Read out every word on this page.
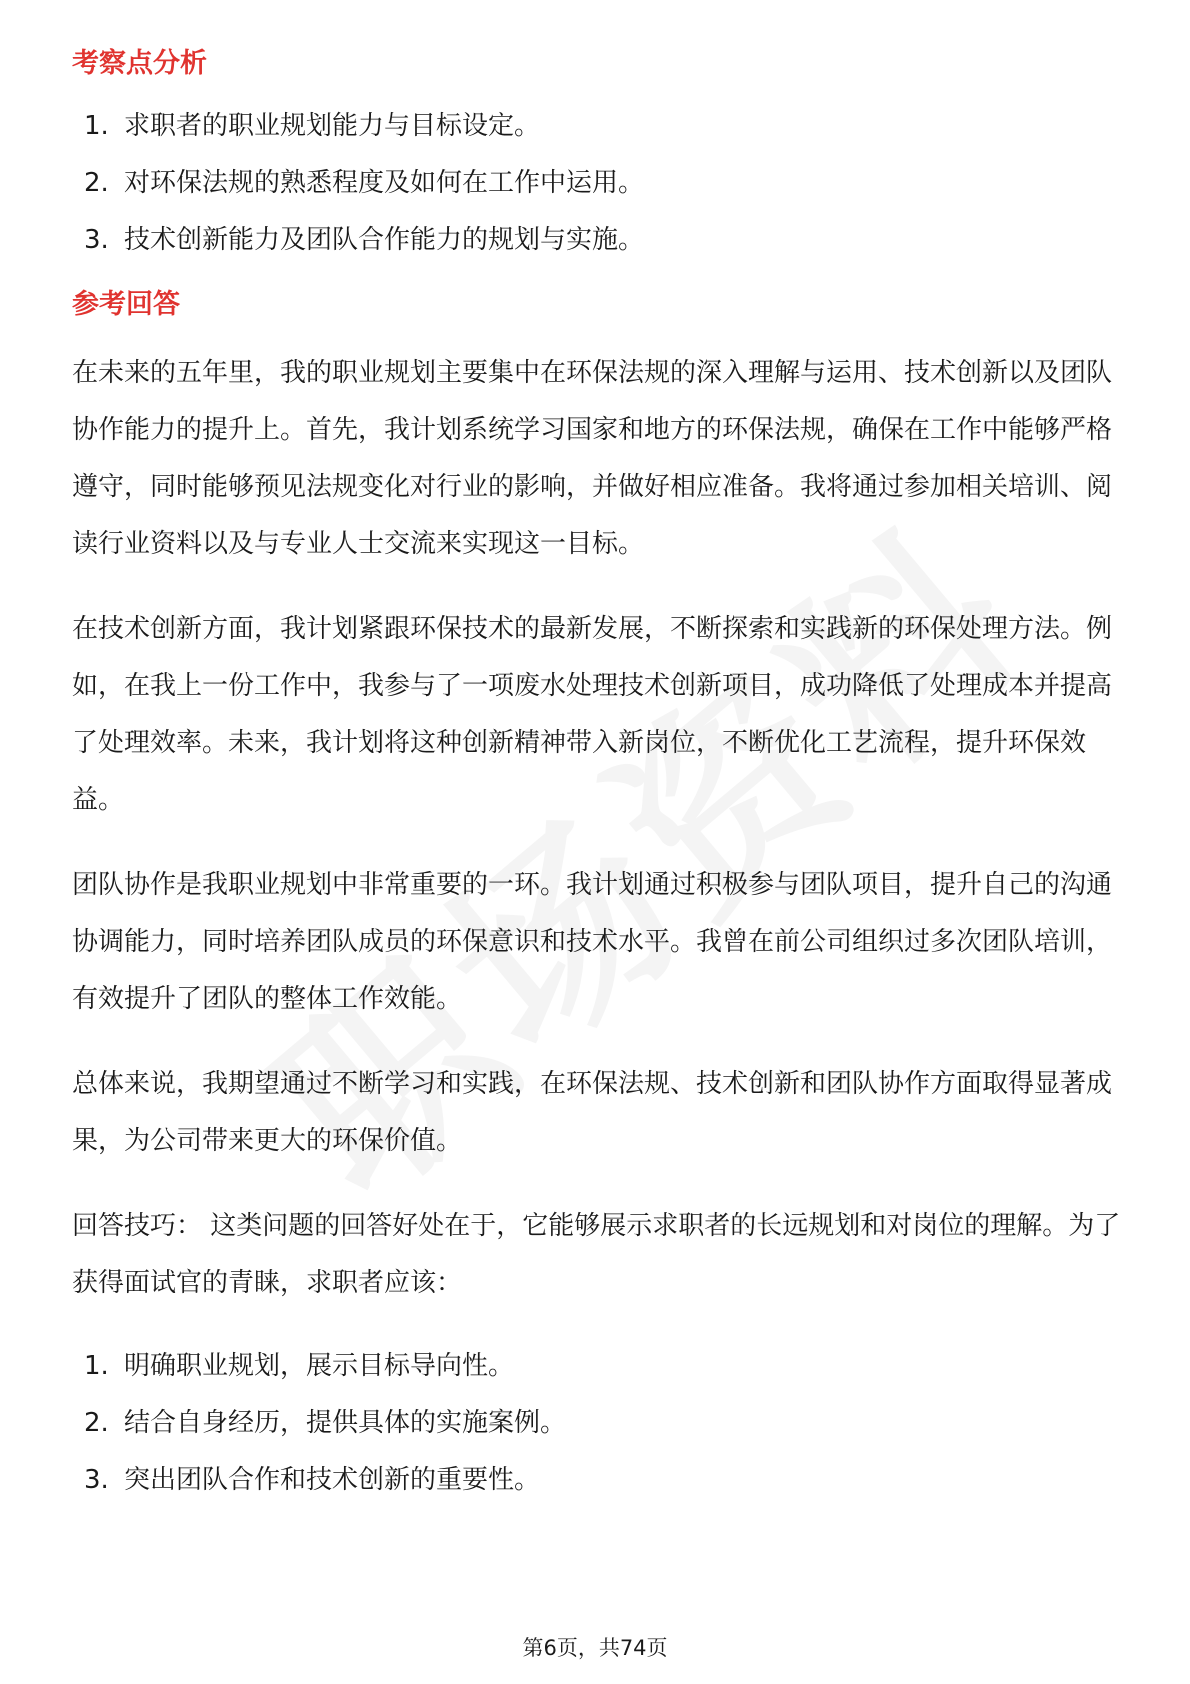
考察点分析
1. 求职者的职业规划能力与目标设定。
2. 对环保法规的熟悉程度及如何在工作中运用。
3. 技术创新能力及团队合作能力的规划与实施。
参考回答

在未来的五年里，我的职业规划主要集中在环保法规的深入理解与运用、技术创新以及团队协作能力的提升上。首先，我计划系统学习国家和地方的环保法规，确保在工作中能够严格遵守，同时能够预见法规变化对行业的影响，并做好相应准备。我将通过参加相关培训、阅读行业资料以及与专业人士交流来实现这一目标。

在技术创新方面，我计划紧跟环保技术的最新发展，不断探索和实践新的环保处理方法。例如，在我上一份工作中，我参与了一项废水处理技术创新项目，成功降低了处理成本并提高了处理效率。未来，我计划将这种创新精神带入新岗位，不断优化工艺流程，提升环保效益。

团队协作是我职业规划中非常重要的一环。我计划通过积极参与团队项目，提升自己的沟通协调能力，同时培养团队成员的环保意识和技术水平。我曾在前公司组织过多次团队培训，有效提升了团队的整体工作效能。

总体来说，我期望通过不断学习和实践，在环保法规、技术创新和团队协作方面取得显著成果，为公司带来更大的环保价值。

回答技巧： 这类问题的回答好处在于，它能够展示求职者的长远规划和对岗位的理解。为了获得面试官的青睐，求职者应该：

1. 明确职业规划，展示目标导向性。
2. 结合自身经历，提供具体的实施案例。
3. 突出团队合作和技术创新的重要性。
第6页，共74页
